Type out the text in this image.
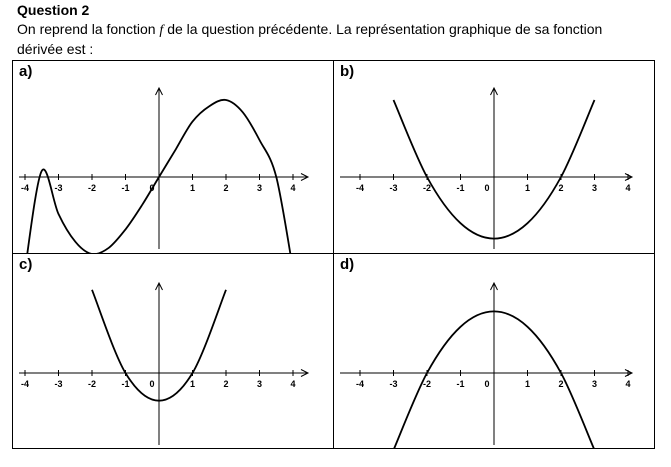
Question 2
On reprend la fonction f de la question précédente. La représentation graphique de sa fonction dérivée est :
-4	-3	-2	-1 0	1	2	3	4
a)
-4	-3	-2	-1 0	1	2	3	4
b)
-4	-3	-2	-1 0	1	2	3	4
c)
-4	-3	-2	-1 0	1	2	3	4
d)
